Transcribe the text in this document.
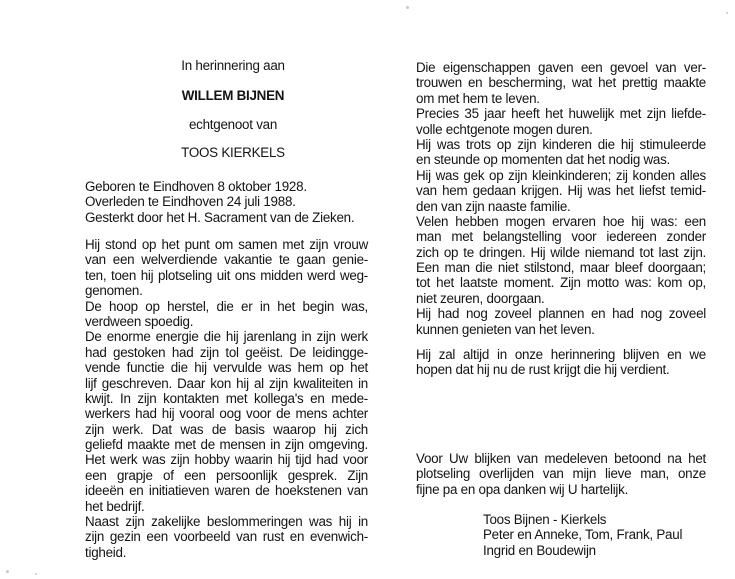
In herinnering aan
WILLEM BIJNEN
echtgenoot van
TOOS KIERKELS
Geboren te Eindhoven 8 oktober 1928.
Overleden te Eindhoven 24 juli 1988.
Gesterkt door het H. Sacrament van de Zieken.
Hij stond op het punt om samen met zijn vrouw
van een welverdiende vakantie te gaan genie-
ten, toen hij plotseling uit ons midden werd weg-
genomen.
De hoop op herstel, die er in het begin was,
verdween spoedig.
De enorme energie die hij jarenlang in zijn werk
had gestoken had zijn tol geëist. De leidingge-
vende functie die hij vervulde was hem op het
lijf geschreven. Daar kon hij al zijn kwaliteiten in
kwijt. In zijn kontakten met kollega's en mede-
werkers had hij vooral oog voor de mens achter
zijn werk. Dat was de basis waarop hij zich
geliefd maakte met de mensen in zijn omgeving.
Het werk was zijn hobby waarin hij tijd had voor
een grapje of een persoonlijk gesprek. Zijn
ideeën en initiatieven waren de hoekstenen van
het bedrijf.
Naast zijn zakelijke beslommeringen was hij in
zijn gezin een voorbeeld van rust en evenwich-
tigheid.
Die eigenschappen gaven een gevoel van ver-
trouwen en bescherming, wat het prettig maakte
om met hem te leven.
Precies 35 jaar heeft het huwelijk met zijn liefde-
volle echtgenote mogen duren.
Hij was trots op zijn kinderen die hij stimuleerde
en steunde op momenten dat het nodig was.
Hij was gek op zijn kleinkinderen; zij konden alles
van hem gedaan krijgen. Hij was het liefst temid-
den van zijn naaste familie.
Velen hebben mogen ervaren hoe hij was: een
man met belangstelling voor iedereen zonder
zich op te dringen. Hij wilde niemand tot last zijn.
Een man die niet stilstond, maar bleef doorgaan;
tot het laatste moment. Zijn motto was: kom op,
niet zeuren, doorgaan.
Hij had nog zoveel plannen en had nog zoveel
kunnen genieten van het leven.
Hij zal altijd in onze herinnering blijven en we
hopen dat hij nu de rust krijgt die hij verdient.
Voor Uw blijken van medeleven betoond na het
plotseling overlijden van mijn lieve man, onze
fijne pa en opa danken wij U hartelijk.
Toos Bijnen - Kierkels
Peter en Anneke, Tom, Frank, Paul
Ingrid en Boudewijn
